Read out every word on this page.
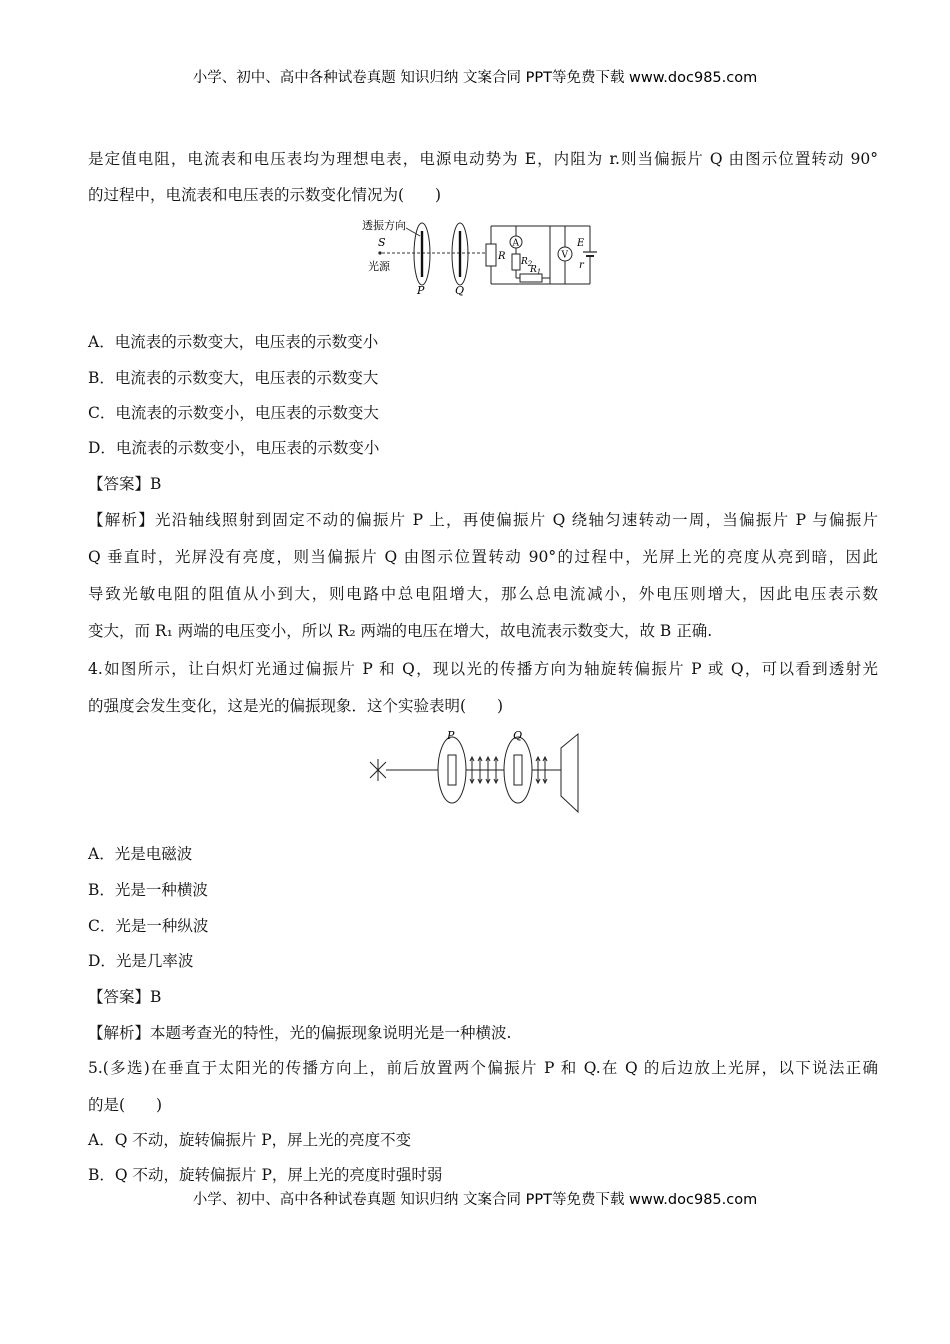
小学、初中、高中各种试卷真题 知识归纳 文案合同 PPT等免费下载 www.doc985.com
是定值电阻，电流表和电压表均为理想电表，电源电动势为 E，内阻为 r.则当偏振片 Q 由图示位置转动 90°
的过程中，电流表和电压表的示数变化情况为(　　)
透振方向
S
光源
P	Q
R
A
$R_2$
$R_1$
V
E
r
A．电流表的示数变大，电压表的示数变小
B．电流表的示数变大，电压表的示数变大
C．电流表的示数变小，电压表的示数变大
D．电流表的示数变小，电压表的示数变小
【答案】B
【解析】光沿轴线照射到固定不动的偏振片 P 上，再使偏振片 Q 绕轴匀速转动一周，当偏振片 P 与偏振片
Q 垂直时，光屏没有亮度，则当偏振片 Q 由图示位置转动 90°的过程中，光屏上光的亮度从亮到暗，因此
导致光敏电阻的阻值从小到大，则电路中总电阻增大，那么总电流减小，外电压则增大，因此电压表示数
变大，而 R₁ 两端的电压变小，所以 R₂ 两端的电压在增大，故电流表示数变大，故 B 正确.
4.如图所示，让白炽灯光通过偏振片 P 和 Q，现以光的传播方向为轴旋转偏振片 P 或 Q，可以看到透射光
的强度会发生变化，这是光的偏振现象．这个实验表明(　　)
P	Q
A．光是电磁波
B．光是一种横波
C．光是一种纵波
D．光是几率波
【答案】B
【解析】本题考查光的特性，光的偏振现象说明光是一种横波.
5.(多选)在垂直于太阳光的传播方向上，前后放置两个偏振片 P 和 Q.在 Q 的后边放上光屏，以下说法正确
的是(　　)
A．Q 不动，旋转偏振片 P，屏上光的亮度不变
B．Q 不动，旋转偏振片 P，屏上光的亮度时强时弱
小学、初中、高中各种试卷真题 知识归纳 文案合同 PPT等免费下载 www.doc985.com
